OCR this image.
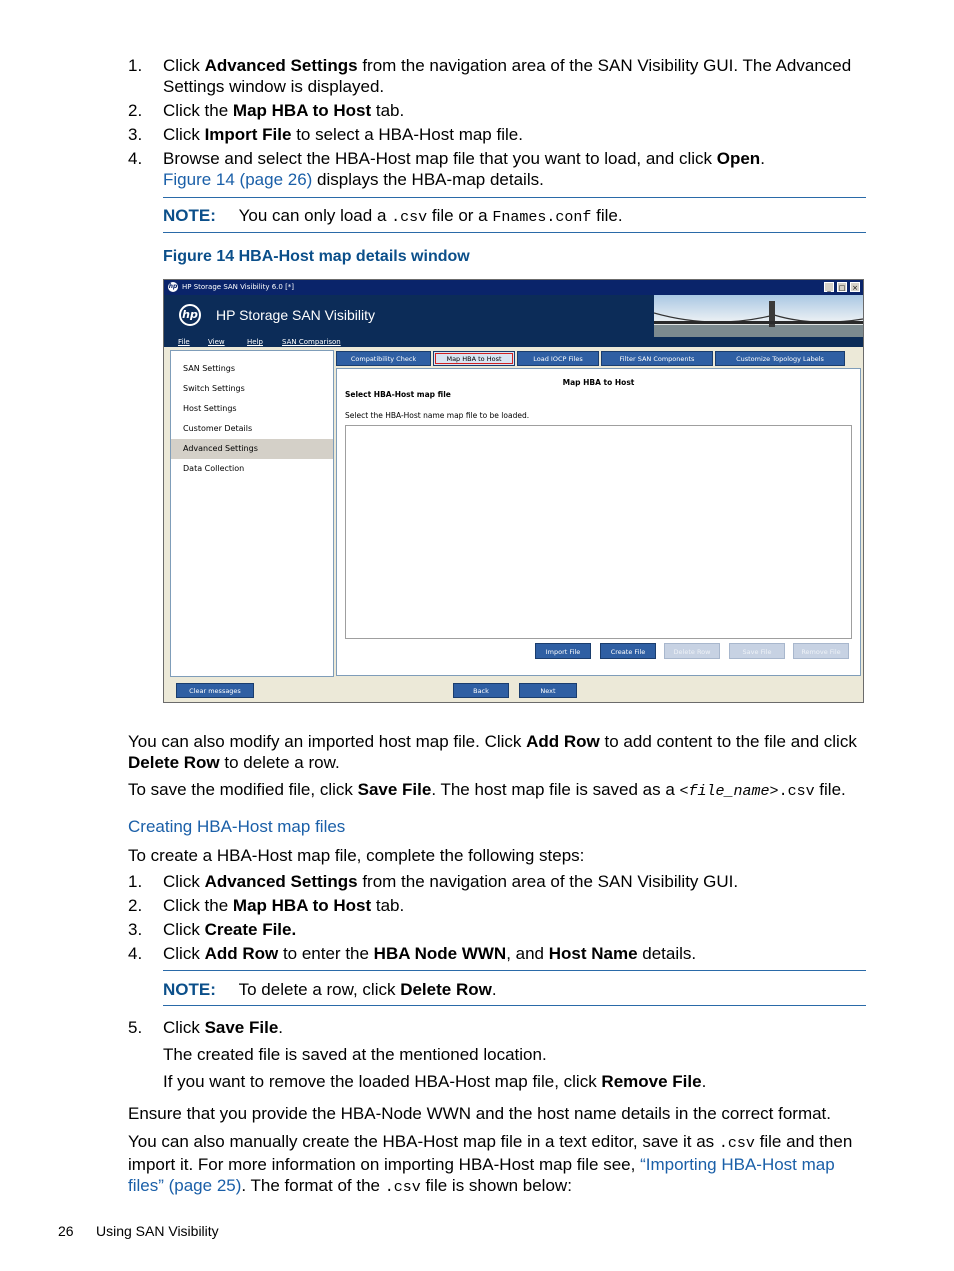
1. Click Advanced Settings from the navigation area of the SAN Visibility GUI. The Advanced
Settings window is displayed.
2. Click the Map HBA to Host tab.
3. Click Import File to select a HBA-Host map file.
4. Browse and select the HBA-Host map file that you want to load, and click Open.
Figure 14 (page 26) displays the HBA-map details.
NOTE: You can only load a .csv file or a Fnames.conf file.
Figure 14 HBA-Host map details window
hp HP Storage SAN Visibility 6.0 [*]	_	□ ×
hp HP Storage SAN Visibility
File	View	Help	SAN Comparison
SAN Settings
Switch Settings
Host Settings
Customer Details
Advanced Settings
Data Collection
Compatibility Check	Map HBA to Host	Load IOCP Files	Filter SAN Components	Customize Topology Labels
Map HBA to Host
Select HBA-Host map file
Select the HBA-Host name map file to be loaded.
Import File	Create File	Delete Row	Save File	Remove File
Clear messages	Back	Next
You can also modify an imported host map file. Click Add Row to add content to the file and click
Delete Row to delete a row.
To save the modified file, click Save File. The host map file is saved as a <file_name>.csv file.
Creating HBA-Host map files
To create a HBA-Host map file, complete the following steps:
1. Click Advanced Settings from the navigation area of the SAN Visibility GUI.
2. Click the Map HBA to Host tab.
3. Click Create File.
4. Click Add Row to enter the HBA Node WWN, and Host Name details.
NOTE: To delete a row, click Delete Row.
5. Click Save File.
The created file is saved at the mentioned location.
If you want to remove the loaded HBA-Host map file, click Remove File.
Ensure that you provide the HBA-Node WWN and the host name details in the correct format.
You can also manually create the HBA-Host map file in a text editor, save it as .csv file and then
import it. For more information on importing HBA-Host map file see, “Importing HBA-Host map
files” (page 25). The format of the .csv file is shown below:
26 Using SAN Visibility
